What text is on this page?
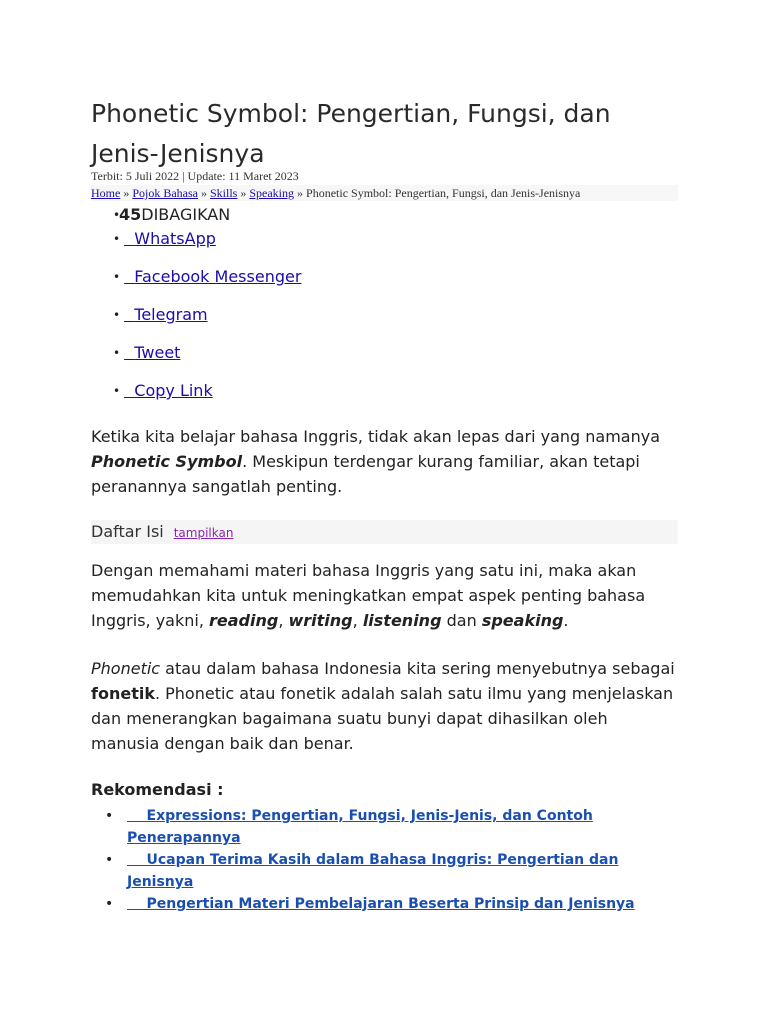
Phonetic Symbol: Pengertian, Fungsi, dan Jenis-Jenisnya
Terbit: 5 Juli 2022 | Update: 11 Maret 2023
Home » Pojok Bahasa » Skills » Speaking » Phonetic Symbol: Pengertian, Fungsi, dan Jenis-Jenisnya
• 45DIBAGIKAN
•   WhatsApp
•   Facebook Messenger
•   Telegram
•   Tweet
•   Copy Link

Ketika kita belajar bahasa Inggris, tidak akan lepas dari yang namanya Phonetic Symbol. Meskipun terdengar kurang familiar, akan tetapi peranannya sangatlah penting.

Daftar Isi tampilkan

Dengan memahami materi bahasa Inggris yang satu ini, maka akan memudahkan kita untuk meningkatkan empat aspek penting bahasa Inggris, yakni, reading, writing, listening dan speaking.

Phonetic atau dalam bahasa Indonesia kita sering menyebutnya sebagai fonetik. Phonetic atau fonetik adalah salah satu ilmu yang menjelaskan dan menerangkan bagaimana suatu bunyi dapat dihasilkan oleh manusia dengan baik dan benar.

Rekomendasi :
•     Expressions: Pengertian, Fungsi, Jenis-Jenis, dan Contoh Penerapannya
•     Ucapan Terima Kasih dalam Bahasa Inggris: Pengertian dan Jenisnya
•     Pengertian Materi Pembelajaran Beserta Prinsip dan Jenisnya
